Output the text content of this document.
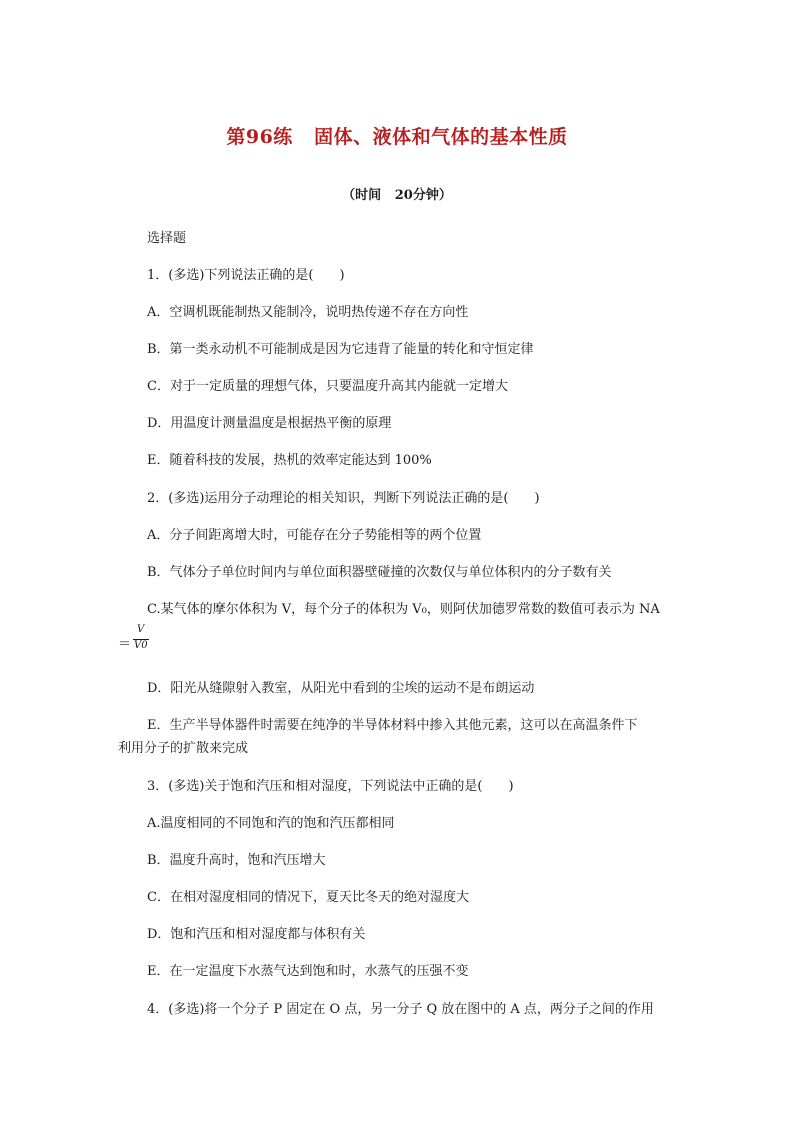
第96练   固体、液体和气体的基本性质
（时间   20分钟）
选择题
1．(多选)下列说法正确的是(　　)
A．空调机既能制热又能制冷，说明热传递不存在方向性
B．第一类永动机不可能制成是因为它违背了能量的转化和守恒定律
C．对于一定质量的理想气体，只要温度升高其内能就一定增大
D．用温度计测量温度是根据热平衡的原理
E．随着科技的发展，热机的效率定能达到 100%
2．(多选)运用分子动理论的相关知识，判断下列说法正确的是(　　)
A．分子间距离增大时，可能存在分子势能相等的两个位置
B．气体分子单位时间内与单位面积器壁碰撞的次数仅与单位体积内的分子数有关
C.某气体的摩尔体积为 V，每个分子的体积为 V₀，则阿伏加德罗常数的数值可表示为 NA
＝
V
V0
D．阳光从缝隙射入教室，从阳光中看到的尘埃的运动不是布朗运动
E．生产半导体器件时需要在纯净的半导体材料中掺入其他元素，这可以在高温条件下
利用分子的扩散来完成
3．(多选)关于饱和汽压和相对湿度，下列说法中正确的是(　　)
A.温度相同的不同饱和汽的饱和汽压都相同
B．温度升高时，饱和汽压增大
C．在相对湿度相同的情况下，夏天比冬天的绝对湿度大
D．饱和汽压和相对湿度都与体积有关
E．在一定温度下水蒸气达到饱和时，水蒸气的压强不变
4．(多选)将一个分子 P 固定在 O 点，另一分子 Q 放在图中的 A 点，两分子之间的作用
